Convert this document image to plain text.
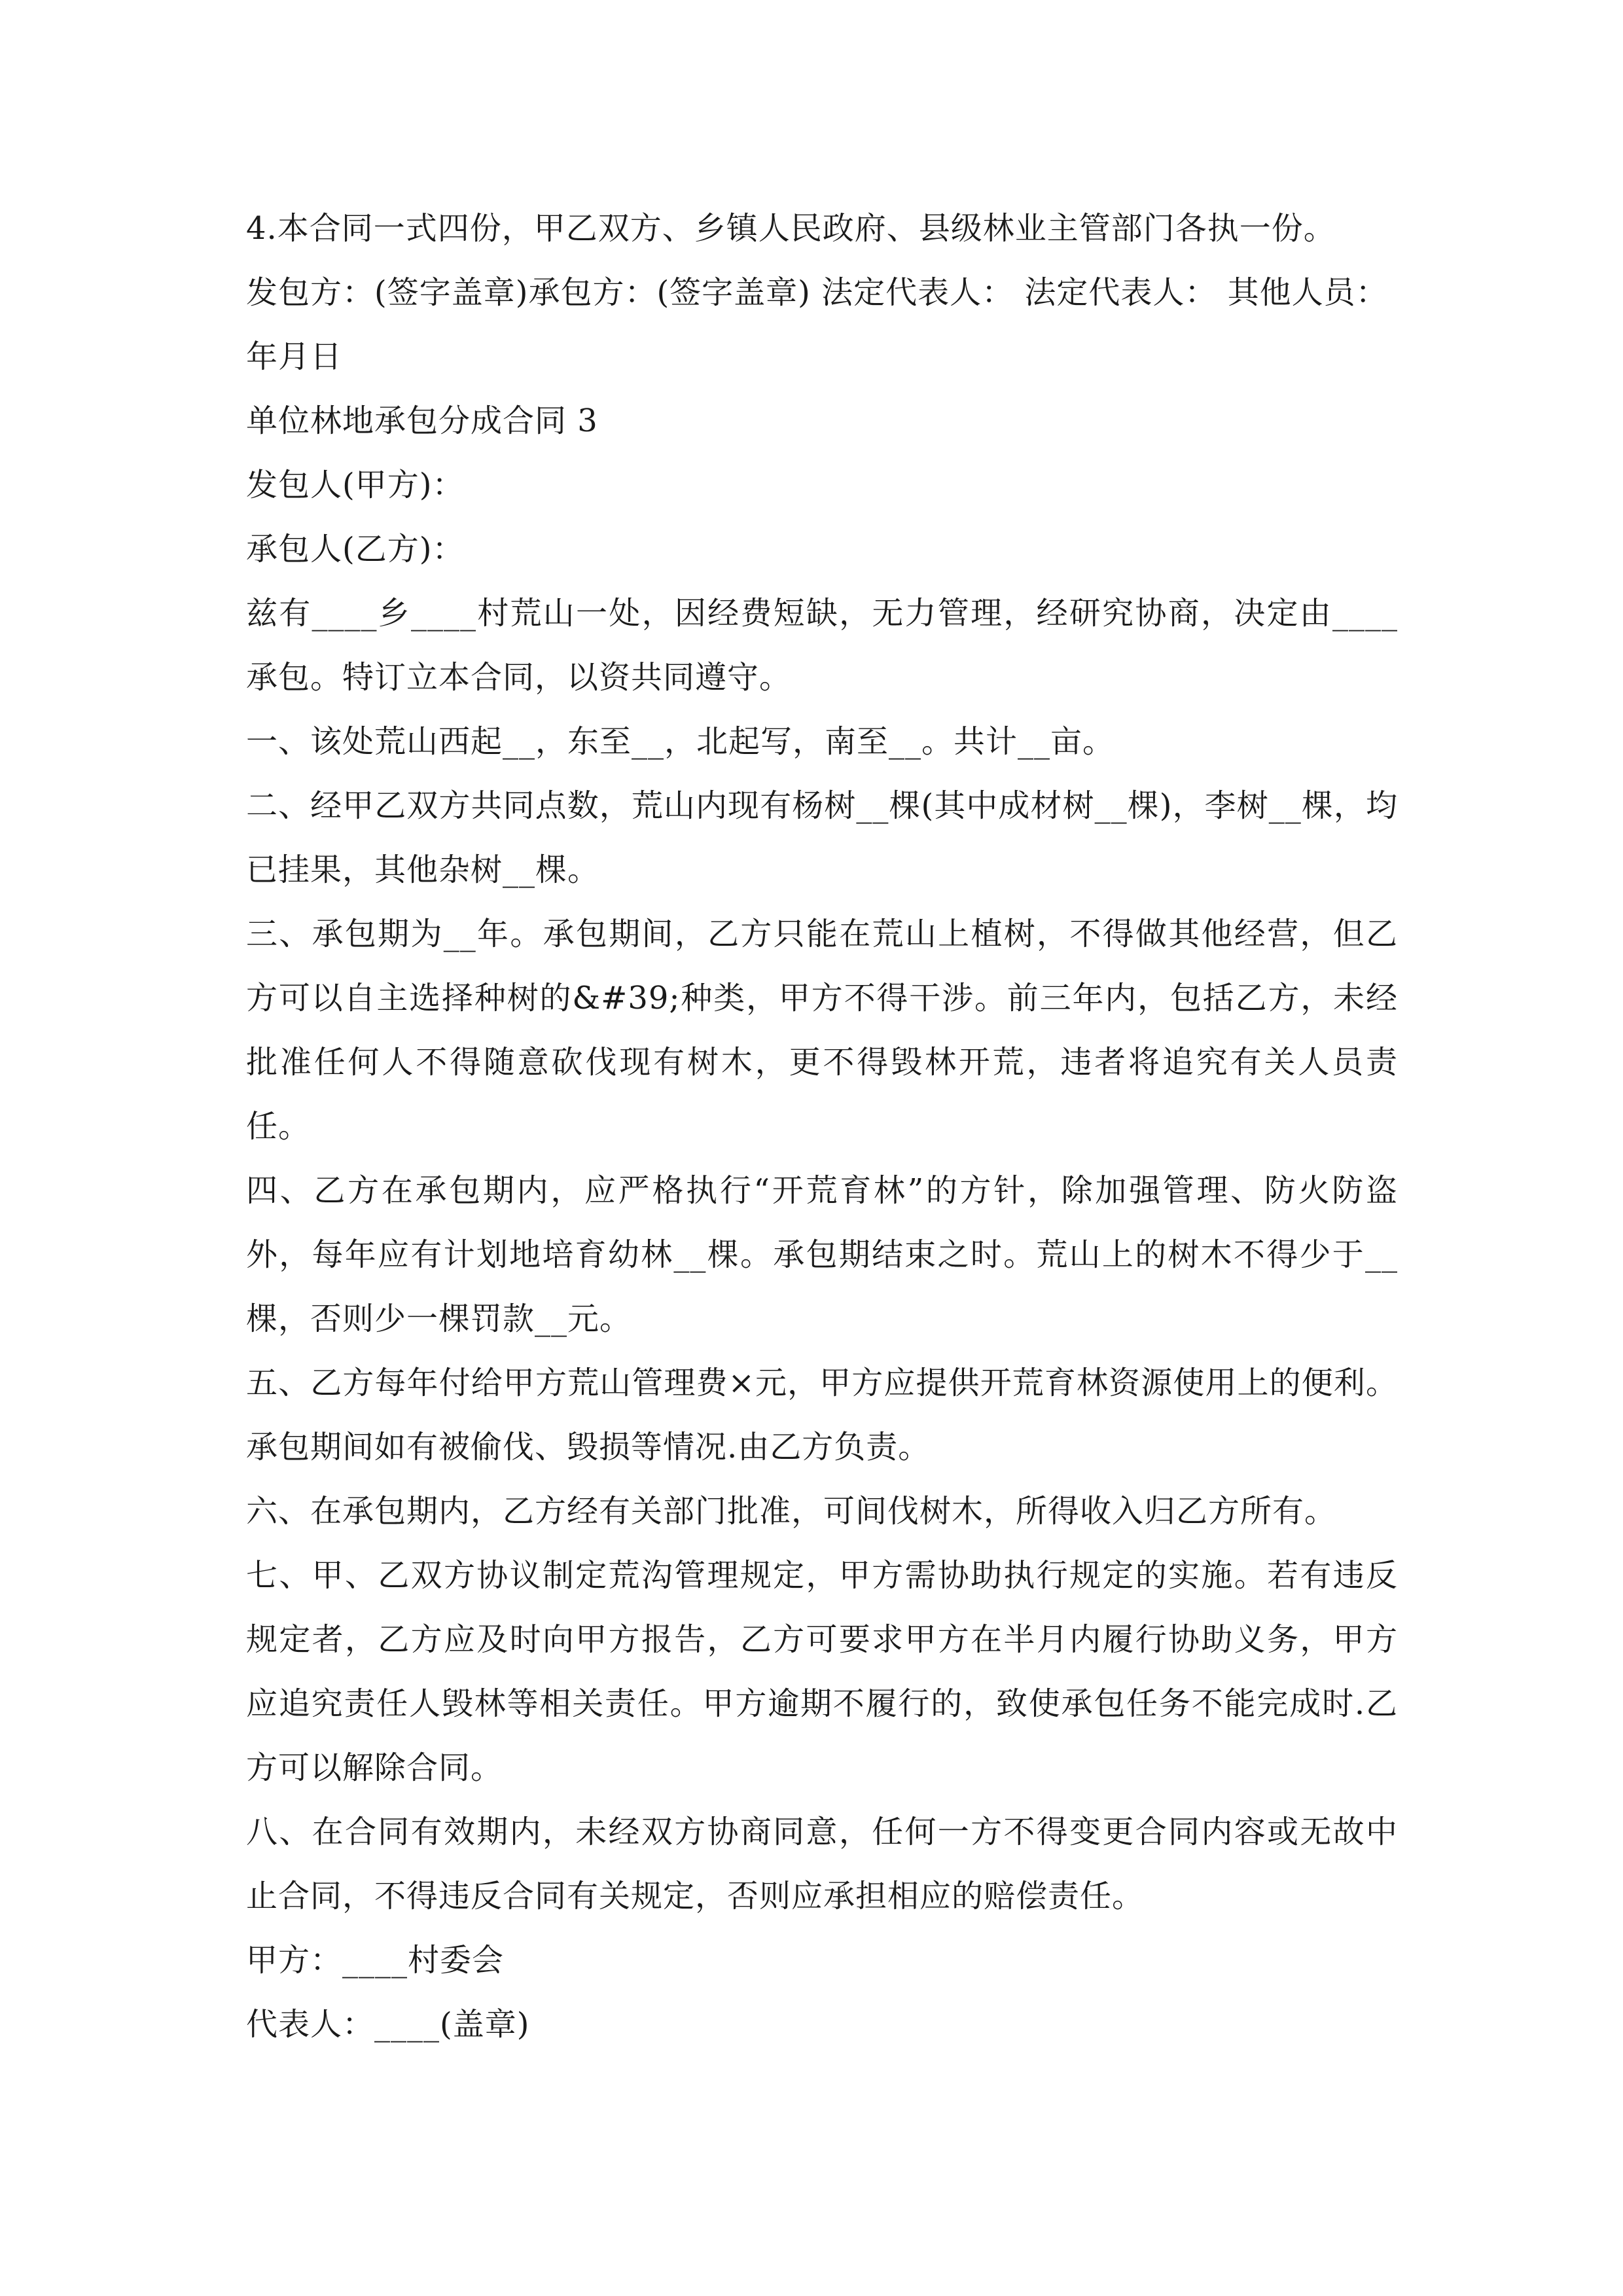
4.本合同一式四份，甲乙双方、乡镇人民政府、县级林业主管部门各执一份。

发包方：(签字盖章)承包方：(签字盖章) 法定代表人： 法定代表人： 其他人员：

年月日

单位林地承包分成合同 3

发包人(甲方)：

承包人(乙方)：

兹有____乡____村荒山一处，因经费短缺，无力管理，经研究协商，决定由____承包。特订立本合同，以资共同遵守。

一、该处荒山西起__，东至__，北起写，南至__。共计__亩。

二、经甲乙双方共同点数，荒山内现有杨树__棵(其中成材树__棵)，李树__棵，均已挂果，其他杂树__棵。

三、承包期为__年。承包期间，乙方只能在荒山上植树，不得做其他经营，但乙方可以自主选择种树的&#39;种类，甲方不得干涉。前三年内，包括乙方，未经批准任何人不得随意砍伐现有树木，更不得毁林开荒，违者将追究有关人员责任。

四、乙方在承包期内，应严格执行“开荒育林”的方针，除加强管理、防火防盗外，每年应有计划地培育幼林__棵。承包期结束之时。荒山上的树木不得少于__棵，否则少一棵罚款__元。

五、乙方每年付给甲方荒山管理费×元，甲方应提供开荒育林资源使用上的便利。承包期间如有被偷伐、毁损等情况.由乙方负责。

六、在承包期内，乙方经有关部门批准，可间伐树木，所得收入归乙方所有。

七、甲、乙双方协议制定荒沟管理规定，甲方需协助执行规定的实施。若有违反规定者，乙方应及时向甲方报告，乙方可要求甲方在半月内履行协助义务，甲方应追究责任人毁林等相关责任。甲方逾期不履行的，致使承包任务不能完成时.乙方可以解除合同。

八、在合同有效期内，未经双方协商同意，任何一方不得变更合同内容或无故中止合同，不得违反合同有关规定，否则应承担相应的赔偿责任。

甲方：____村委会

代表人：____(盖章)
